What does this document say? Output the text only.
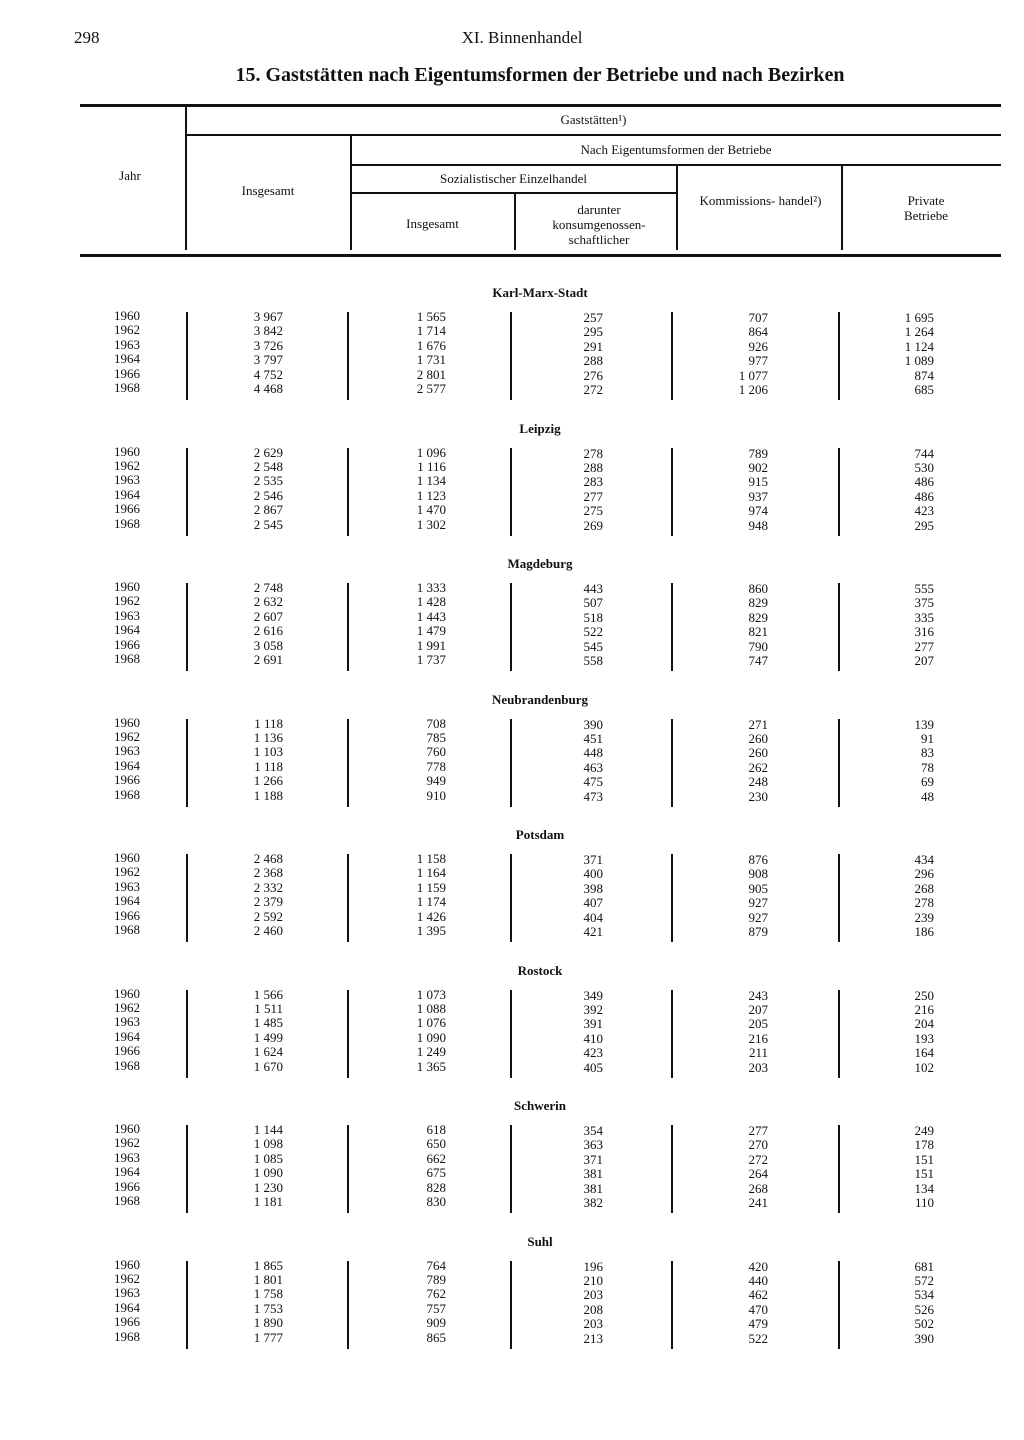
298	XI. Binnenhandel
15. Gaststätten nach Eigentumsformen der Betriebe und nach Bezirken
Jahr
Gaststätten¹)
Insgesamt
Nach Eigentumsformen der Betriebe
Sozialistischer Einzelhandel
Insgesamt
darunter konsumgenossen- schaftlicher
Kommissions- handel²)	Private Betriebe
Karl-Marx-Stadt
1960	3 967	1 565	257	707	1 695
1962	3 842	1 714	295	864	1 264
1963	3 726	1 676	291	926	1 124
1964	3 797	1 731	288	977	1 089
1966	4 752	2 801	276	1 077	874
1968	4 468	2 577	272	1 206	685
Leipzig
1960	2 629	1 096	278	789	744
1962	2 548	1 116	288	902	530
1963	2 535	1 134	283	915	486
1964	2 546	1 123	277	937	486
1966	2 867	1 470	275	974	423
1968	2 545	1 302	269	948	295
Magdeburg
1960	2 748	1 333	443	860	555
1962	2 632	1 428	507	829	375
1963	2 607	1 443	518	829	335
1964	2 616	1 479	522	821	316
1966	3 058	1 991	545	790	277
1968	2 691	1 737	558	747	207
Neubrandenburg
1960	1 118	708	390	271	139
1962	1 136	785	451	260	91
1963	1 103	760	448	260	83
1964	1 118	778	463	262	78
1966	1 266	949	475	248	69
1968	1 188	910	473	230	48
Potsdam
1960	2 468	1 158	371	876	434
1962	2 368	1 164	400	908	296
1963	2 332	1 159	398	905	268
1964	2 379	1 174	407	927	278
1966	2 592	1 426	404	927	239
1968	2 460	1 395	421	879	186
Rostock
1960	1 566	1 073	349	243	250
1962	1 511	1 088	392	207	216
1963	1 485	1 076	391	205	204
1964	1 499	1 090	410	216	193
1966	1 624	1 249	423	211	164
1968	1 670	1 365	405	203	102
Schwerin
1960	1 144	618	354	277	249
1962	1 098	650	363	270	178
1963	1 085	662	371	272	151
1964	1 090	675	381	264	151
1966	1 230	828	381	268	134
1968	1 181	830	382	241	110
Suhl
1960	1 865	764	196	420	681
1962	1 801	789	210	440	572
1963	1 758	762	203	462	534
1964	1 753	757	208	470	526
1966	1 890	909	203	479	502
1968	1 777	865	213	522	390
